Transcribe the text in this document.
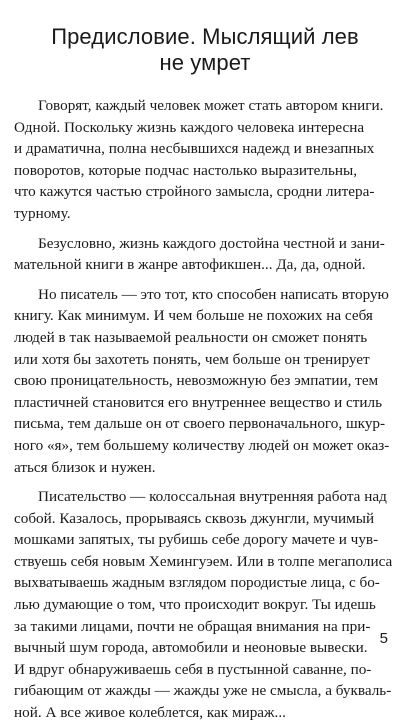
Предисловие. Мыслящий лев
не умрет
Говорят, каждый человек может стать автором книги.
Одной. Поскольку жизнь каждого человека интересна
и драматична, полна несбывшихся надежд и внезапных
поворотов, которые подчас настолько выразительны,
что кажутся частью стройного замысла, сродни литера-
турному.
Безусловно, жизнь каждого достойна честной и зани-
мательной книги в жанре автофикшен... Да, да, одной.
Но писатель — это тот, кто способен написать вторую
книгу. Как минимум. И чем больше не похожих на себя
людей в так называемой реальности он сможет понять
или хотя бы захотеть понять, чем больше он тренирует
свою проницательность, невозможную без эмпатии, тем
пластичней становится его внутреннее вещество и стиль
письма, тем дальше он от своего первоначального, шкур-
ного «я», тем большему количеству людей он может оказ-
аться близок и нужен.
Писательство — колоссальная внутренняя работа над
собой. Казалось, прорываясь сквозь джунгли, мучимый
мошками запятых, ты рубишь себе дорогу мачете и чув-
ствуешь себя новым Хемингуэем. Или в толпе мегаполиса
выхватываешь жадным взглядом породистые лица, с бо-
лью думающие о том, что происходит вокруг. Ты идешь
за такими лицами, почти не обращая внимания на при-
вычный шум города, автомобили и неоновые вывески.
И вдруг обнаруживаешь себя в пустынной саванне, по-
гибающим от жажды — жажды уже не смысла, а букваль-
ной. А все живое колеблется, как мираж...
5
